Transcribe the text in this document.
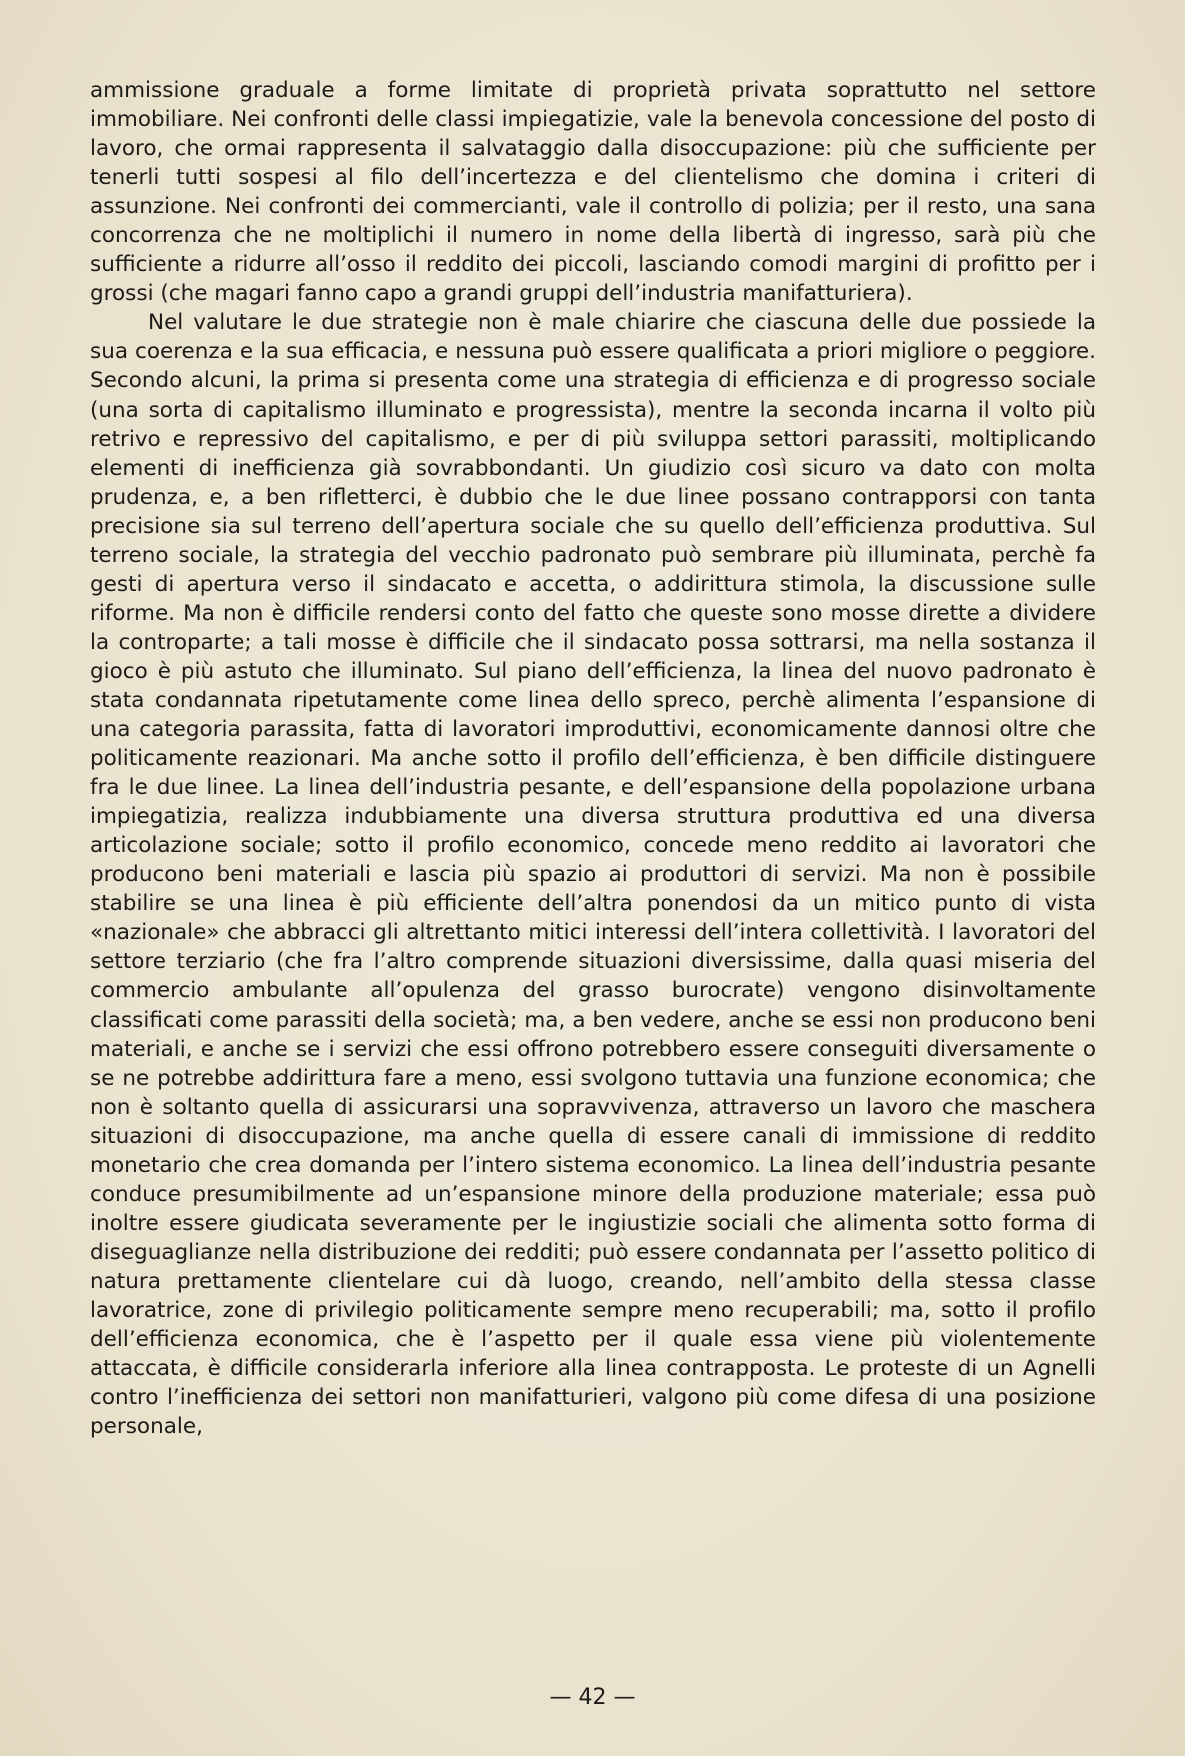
ammissione graduale a forme limitate di proprietà privata soprattutto nel settore immobiliare. Nei confronti delle classi impiegatizie, vale la benevola concessione del posto di lavoro, che ormai rappresenta il salvataggio dalla disoccupazione: più che sufficiente per tenerli tutti sospesi al filo dell’incertezza e del clientelismo che domina i criteri di assunzione. Nei confronti dei commercianti, vale il controllo di polizia; per il resto, una sana concorrenza che ne moltiplichi il numero in nome della libertà di ingresso, sarà più che sufficiente a ridurre all’osso il reddito dei piccoli, lasciando comodi margini di profitto per i grossi (che magari fanno capo a grandi gruppi dell’industria manifatturiera).

Nel valutare le due strategie non è male chiarire che ciascuna delle due possiede la sua coerenza e la sua efficacia, e nessuna può essere qualificata a priori migliore o peggiore. Secondo alcuni, la prima si presenta come una strategia di efficienza e di progresso sociale (una sorta di capitalismo illuminato e progressista), mentre la seconda incarna il volto più retrivo e repressivo del capitalismo, e per di più sviluppa settori parassiti, moltiplicando elementi di inefficienza già sovrabbondanti. Un giudizio così sicuro va dato con molta prudenza, e, a ben rifletterci, è dubbio che le due linee possano contrapporsi con tanta precisione sia sul terreno dell’apertura sociale che su quello dell’efficienza produttiva. Sul terreno sociale, la strategia del vecchio padronato può sembrare più illuminata, perchè fa gesti di apertura verso il sindacato e accetta, o addirittura stimola, la discussione sulle riforme. Ma non è difficile rendersi conto del fatto che queste sono mosse dirette a dividere la controparte; a tali mosse è difficile che il sindacato possa sottrarsi, ma nella sostanza il gioco è più astuto che illuminato. Sul piano dell’efficienza, la linea del nuovo padronato è stata condannata ripetutamente come linea dello spreco, perchè alimenta l’espansione di una categoria parassita, fatta di lavoratori improduttivi, economicamente dannosi oltre che politicamente reazionari. Ma anche sotto il profilo dell’efficienza, è ben difficile distinguere fra le due linee. La linea dell’industria pesante, e dell’espansione della popolazione urbana impiegatizia, realizza indubbiamente una diversa struttura produttiva ed una diversa articolazione sociale; sotto il profilo economico, concede meno reddito ai lavoratori che producono beni materiali e lascia più spazio ai produttori di servizi. Ma non è possibile stabilire se una linea è più efficiente dell’altra ponendosi da un mitico punto di vista «nazionale» che abbracci gli altrettanto mitici interessi dell’intera collettività. I lavoratori del settore terziario (che fra l’altro comprende situazioni diversissime, dalla quasi miseria del commercio ambulante all’opulenza del grasso burocrate) vengono disinvoltamente classificati come parassiti della società; ma, a ben vedere, anche se essi non producono beni materiali, e anche se i servizi che essi offrono potrebbero essere conseguiti diversamente o se ne potrebbe addirittura fare a meno, essi svolgono tuttavia una funzione economica; che non è soltanto quella di assicurarsi una sopravvivenza, attraverso un lavoro che maschera situazioni di disoccupazione, ma anche quella di essere canali di immissione di reddito monetario che crea domanda per l’intero sistema economico. La linea dell’industria pesante conduce presumibilmente ad un’espansione minore della produzione materiale; essa può inoltre essere giudicata severamente per le ingiustizie sociali che alimenta sotto forma di diseguaglianze nella distribuzione dei redditi; può essere condannata per l’assetto politico di natura prettamente clientelare cui dà luogo, creando, nell’ambito della stessa classe lavoratrice, zone di privilegio politicamente sempre meno recuperabili; ma, sotto il profilo dell’efficienza economica, che è l’aspetto per il quale essa viene più violentemente attaccata, è difficile considerarla inferiore alla linea contrapposta. Le proteste di un Agnelli contro l’inefficienza dei settori non manifatturieri, valgono più come difesa di una posizione personale,

— 42 —
